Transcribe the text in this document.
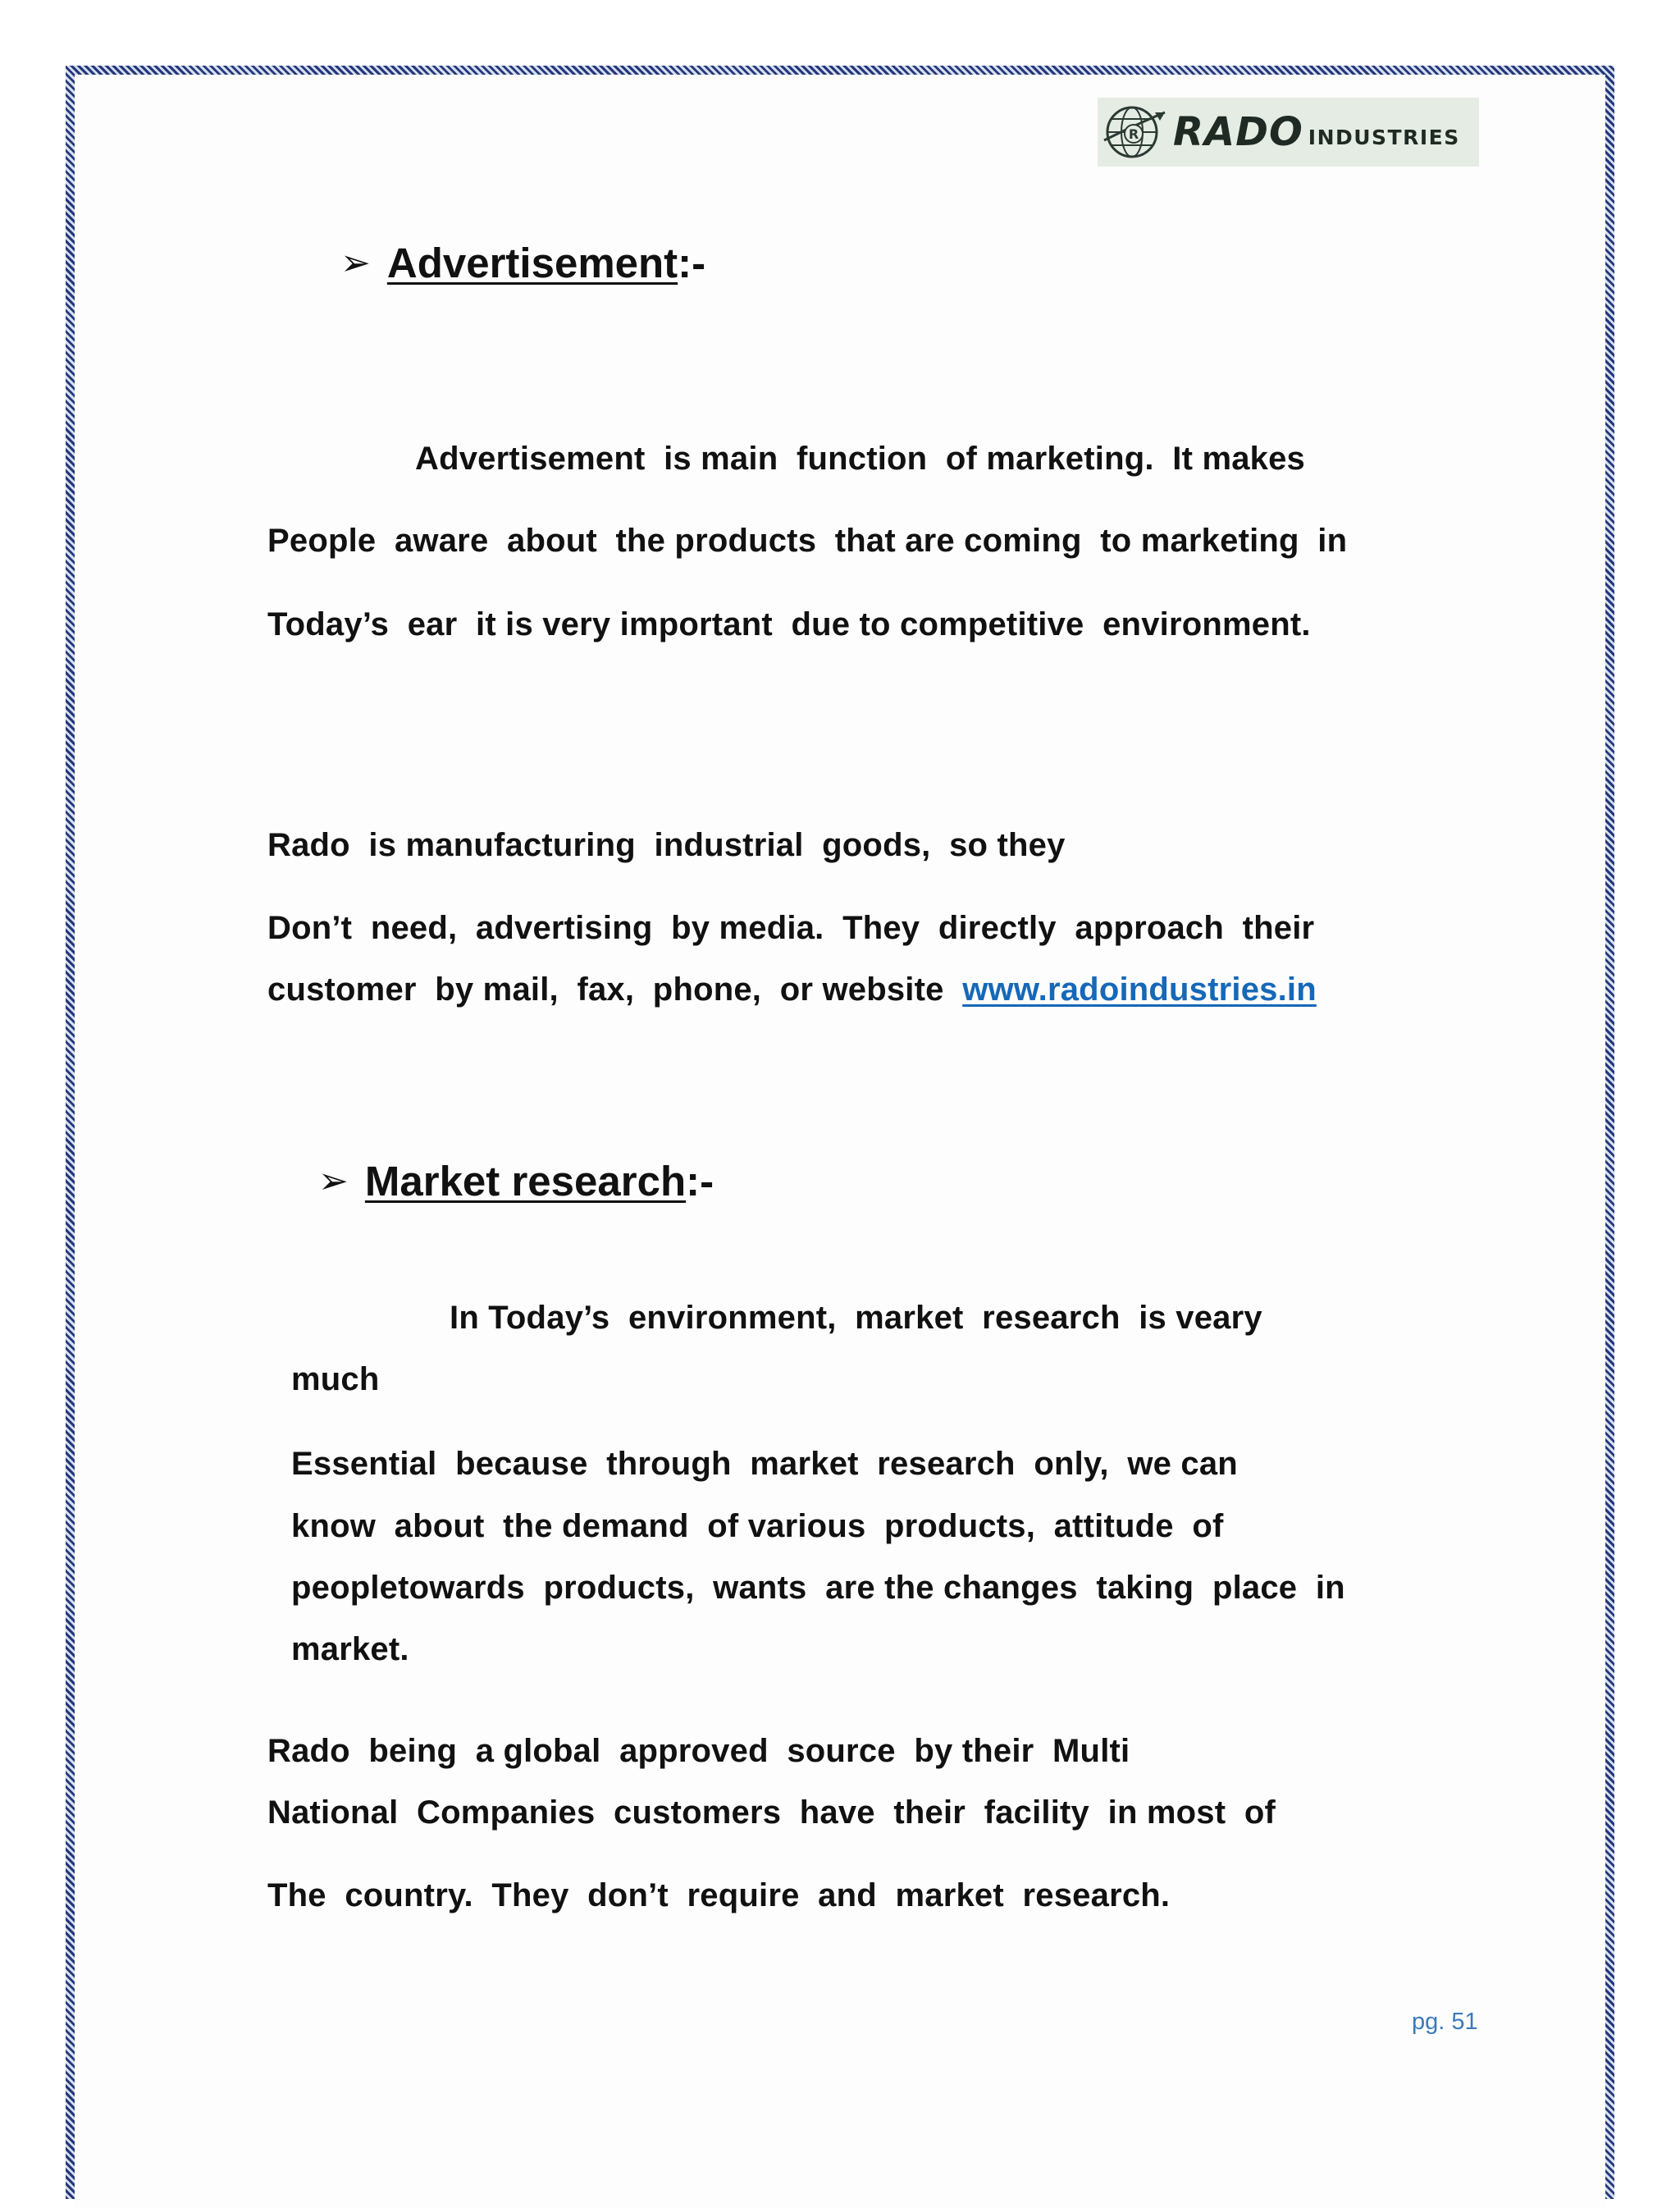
R RADO INDUSTRIES
➢ Advertisement :-
Advertisement  is main  function  of marketing.  It makes
People  aware  about  the products  that are coming  to marketing  in
Today’s  ear  it is very important  due to competitive  environment.
Rado  is manufacturing  industrial  goods,  so they
Don’t  need,  advertising  by media.  They  directly  approach  their
customer  by mail,  fax,  phone,  or website  www.radoindustries.in
➢ Market research :-
In Today’s  environment,  market  research  is veary
much
Essential  because  through  market  research  only,  we can
know  about  the demand  of various  products,  attitude  of
peopletowards  products,  wants  are the changes  taking  place  in
market.
Rado  being  a global  approved  source  by their  Multi
National  Companies  customers  have  their  facility  in most  of
The  country.  They  don’t  require  and  market  research.
pg. 51
